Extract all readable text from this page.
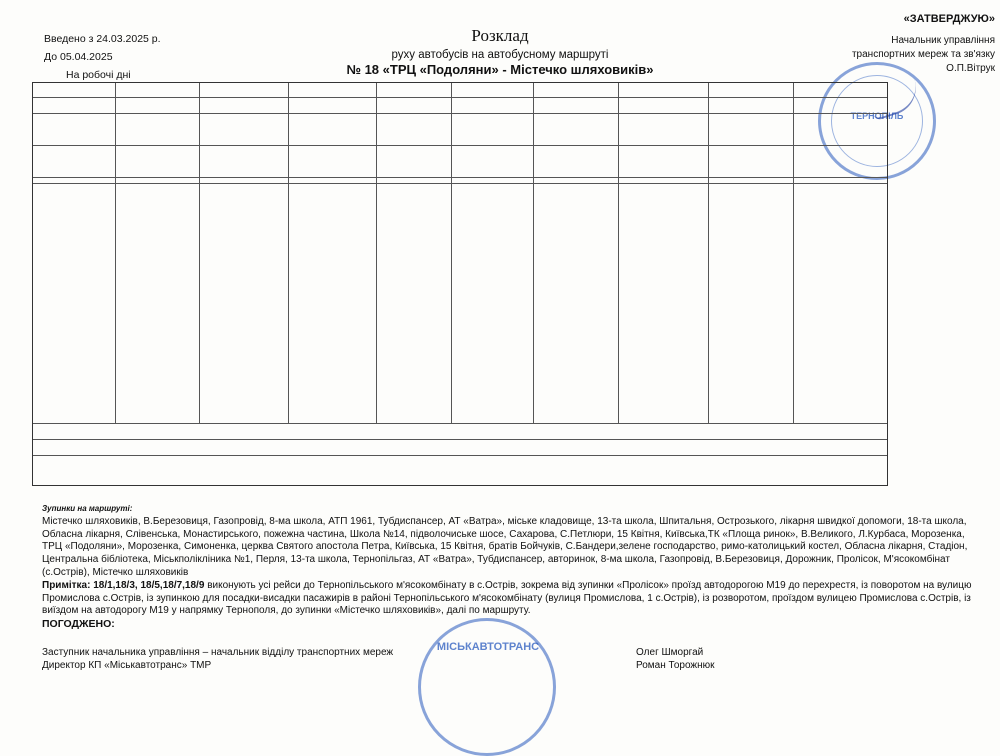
Введено з 24.03.2025 р.
До 05.04.2025
На робочі дні
Розклад
руху автобусів на автобусному маршруті
№ 18 «ТРЦ «Подоляни» - Містечко шляховиків»
«ЗАТВЕРДЖУЮ»
Начальник управління
транспортних мереж та зв'язку
О.П.Вітрук
ТЕРНОПІЛЬ
Зупинки на маршруті:
Містечко шляховиків, В.Березовиця, Газопровід, 8-ма школа, АТП 1961, Тубдиспансер, АТ «Ватра», міське кладовище, 13-та школа, Шпитальня, Острозького, лікарня швидкої допомоги, 18-та школа, Обласна лікарня, Слівенська, Монастирського, пожежна частина, Школа №14, підволочиське шосе, Сахарова, С.Петлюри, 15 Квітня, Київська,ТК «Площа ринок», В.Великого, Л.Курбаса, Морозенка, ТРЦ «Подоляни», Морозенка, Симоненка, церква Святого апостола Петра, Київська, 15 Квітня, братів Бойчуків, С.Бандери,зелене господарство, римо-католицький костел, Обласна лікарня, Стадіон, Центральна бібліотека, Міськполікліника №1, Перля, 13-та школа, Тернопільгаз, АТ «Ватра», Тубдиспансер, авторинок, 8-ма школа, Газопровід, В.Березовиця, Дорожник, Пролісок, М'ясокомбінат (с.Острів), Містечко шляховиків
Примітка: 18/1,18/3, 18/5,18/7,18/9 виконують усі рейси до Тернопільського м'ясокомбінату в с.Острів, зокрема від зупинки «Пролісок» проїзд автодорогою М19 до перехрестя, із поворотом на вулицю Промислова с.Острів, із зупинкою для посадки-висадки пасажирів в районі Тернопільського м'ясокомбінату (вулиця Промислова, 1 с.Острів), із розворотом, проїздом вулицею Промислова с.Острів, із виїздом на автодорогу М19 у напрямку Тернополя, до зупинки «Містечко шляховиків», далі по маршруту.
ПОГОДЖЕНО:
Заступник начальника управління – начальник відділу транспортних мереж
Директор КП «Міськавтотранс» ТМР
Олег Шморгай
Роман Торожнюк
МІСЬКАВТОТРАНС
